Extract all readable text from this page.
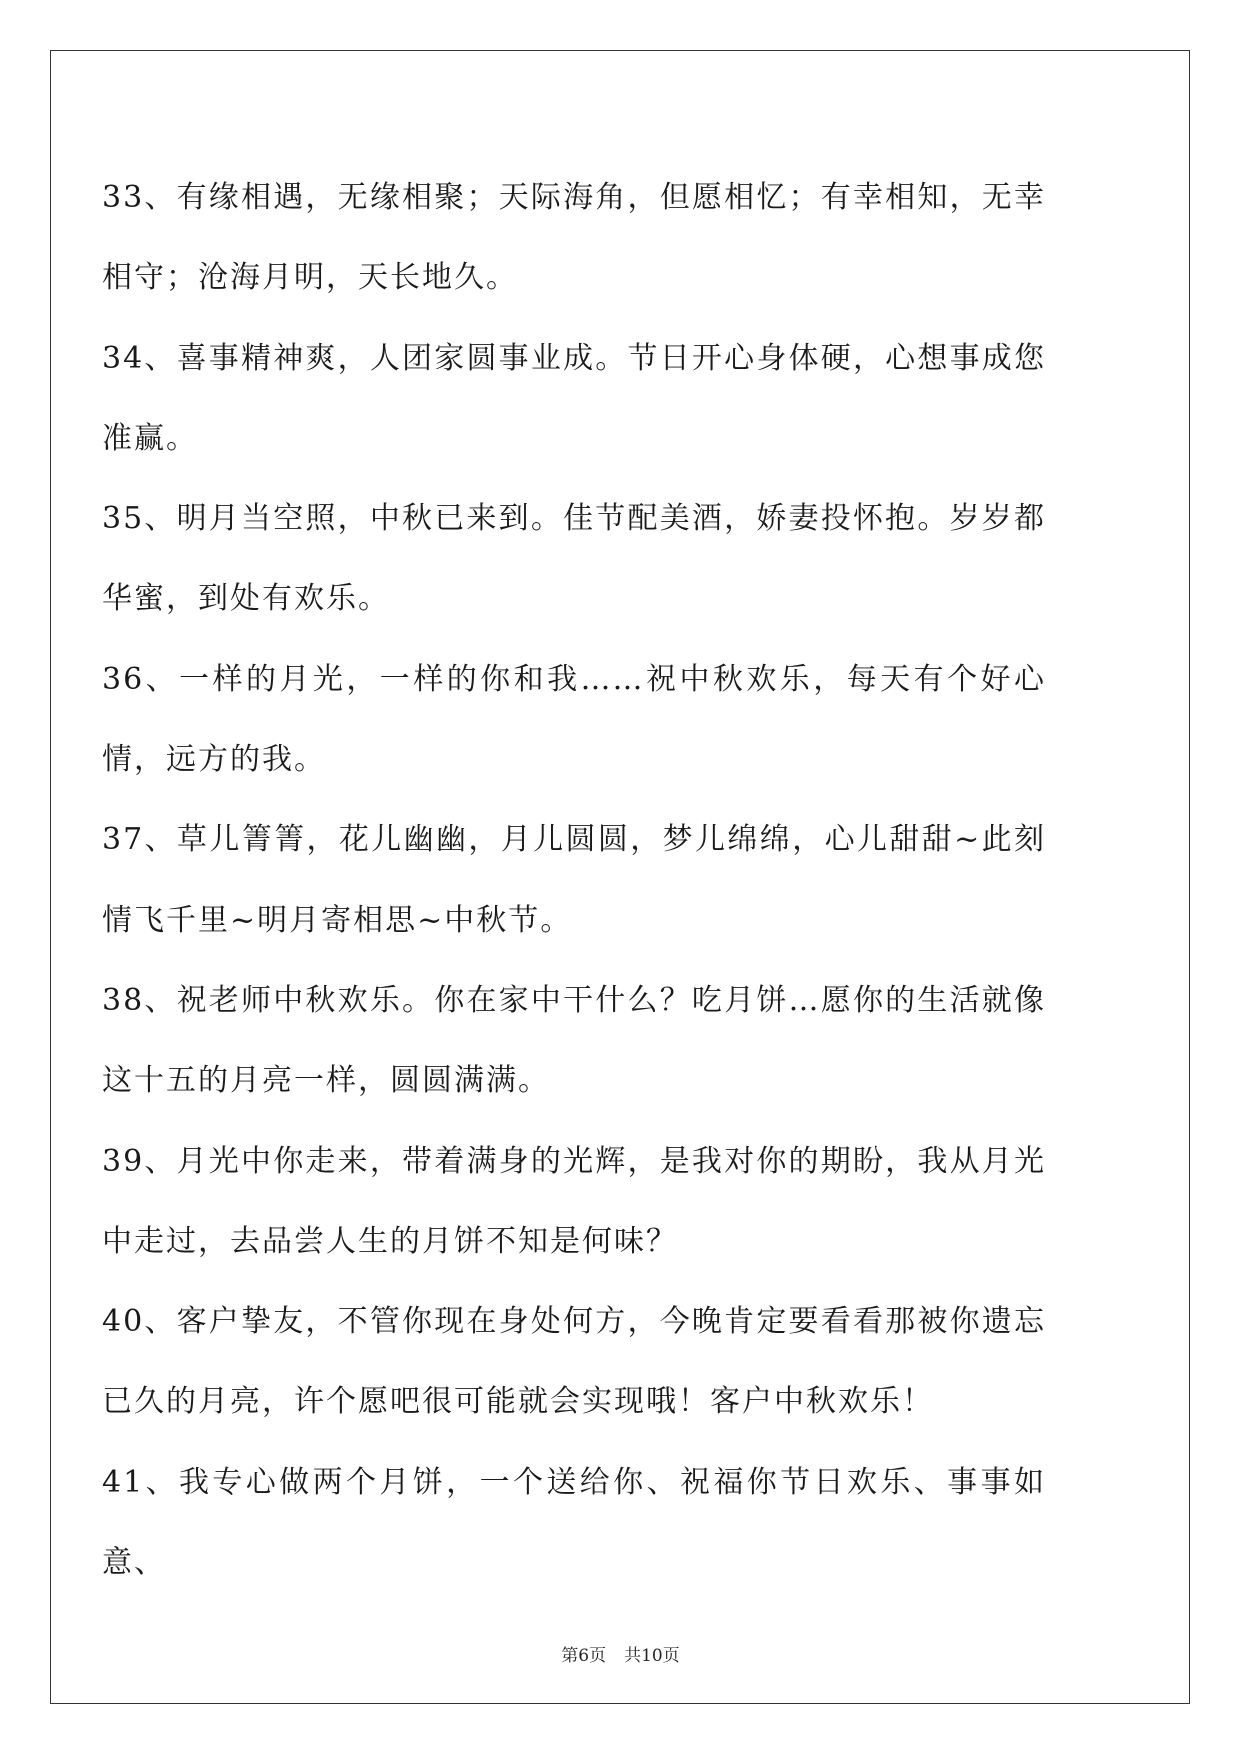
33、有缘相遇，无缘相聚；天际海角，但愿相忆；有幸相知，无幸相守；沧海月明，天长地久。

34、喜事精神爽，人团家圆事业成。节日开心身体硬，心想事成您准赢。

35、明月当空照，中秋已来到。佳节配美酒，娇妻投怀抱。岁岁都华蜜，到处有欢乐。

36、一样的月光，一样的你和我……祝中秋欢乐，每天有个好心情，远方的我。

37、草儿箐箐，花儿幽幽，月儿圆圆，梦儿绵绵，心儿甜甜~此刻情飞千里~明月寄相思~中秋节。

38、祝老师中秋欢乐。你在家中干什么？吃月饼…愿你的生活就像这十五的月亮一样，圆圆满满。

39、月光中你走来，带着满身的光辉，是我对你的期盼，我从月光中走过，去品尝人生的月饼不知是何味？

40、客户挚友，不管你现在身处何方，今晚肯定要看看那被你遗忘已久的月亮，许个愿吧很可能就会实现哦！客户中秋欢乐！

41、我专心做两个月饼，一个送给你、祝福你节日欢乐、事事如意、

第6页 共10页
